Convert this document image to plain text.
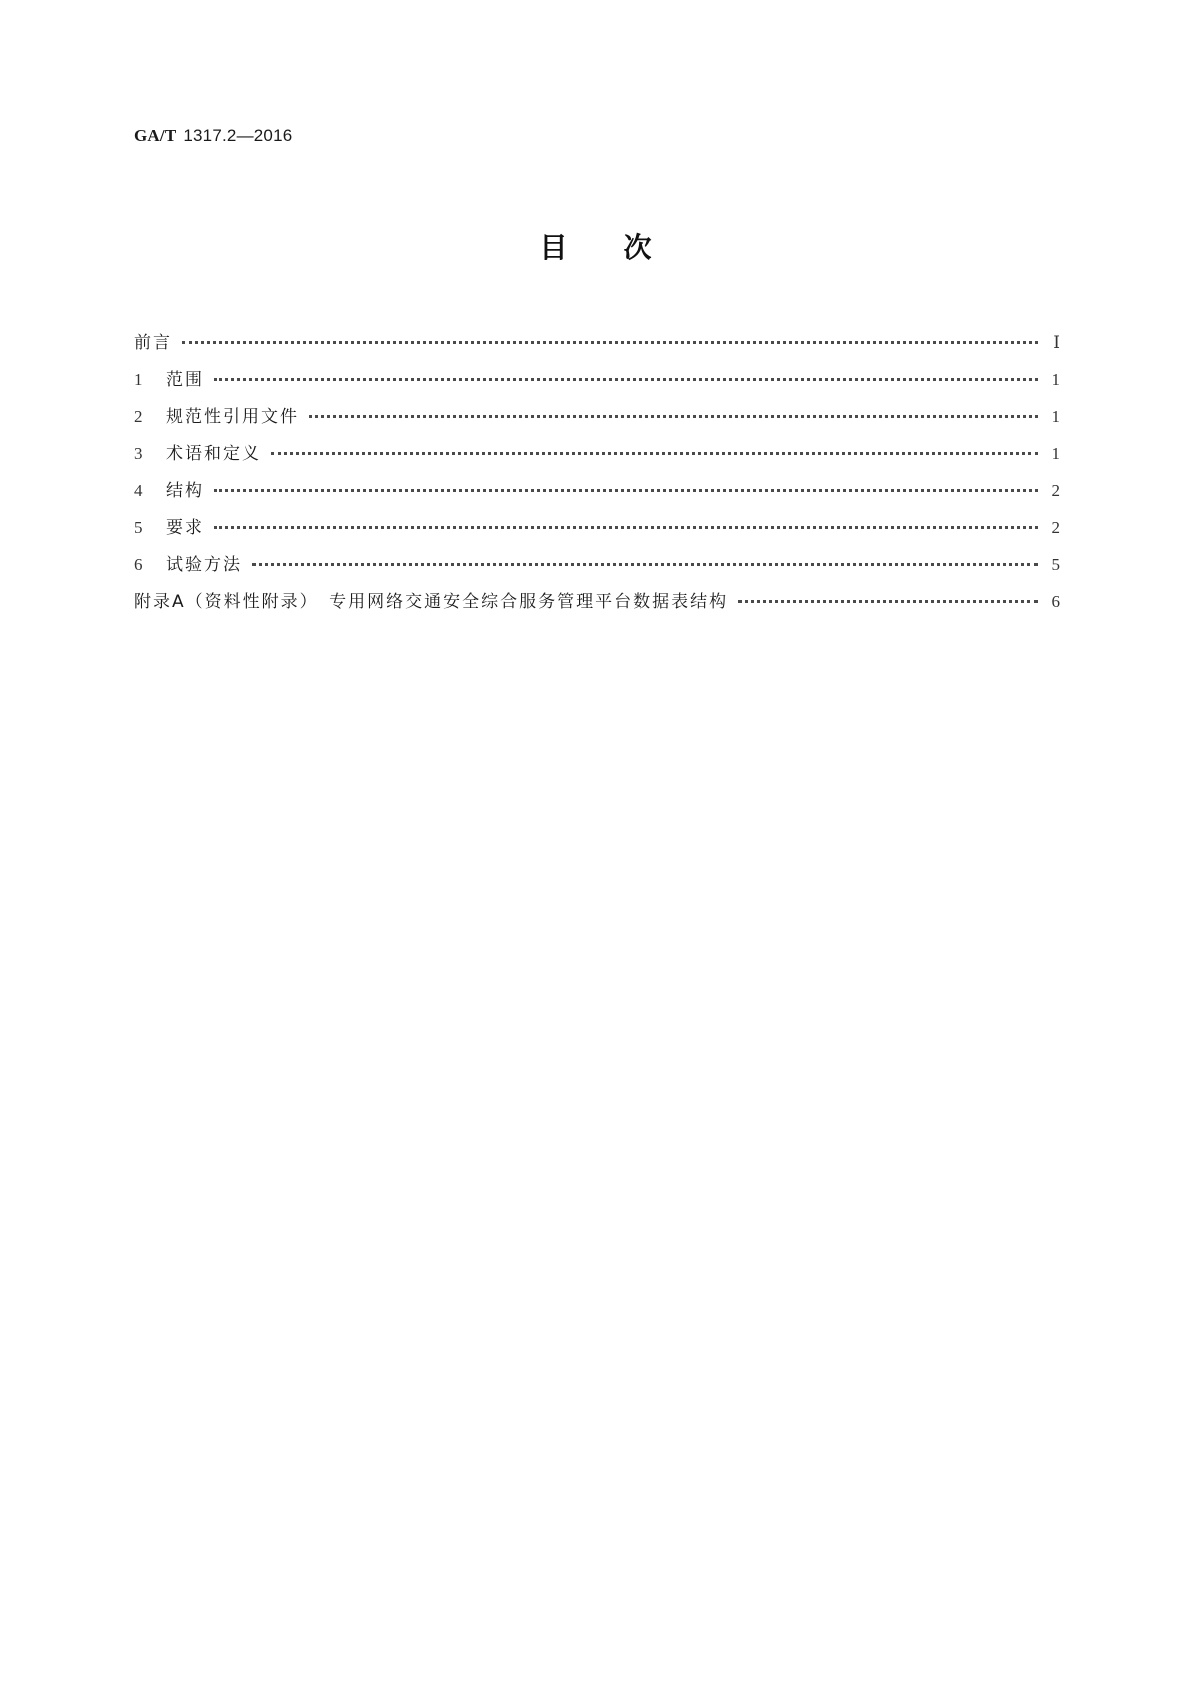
GA/T 1317.2—2016
目次
前言	Ⅰ
1	范围	1
2	规范性引用文件	1
3	术语和定义	1
4	结构	2
5	要求	2
6	试验方法	5
附录A（资料性附录）　专用网络交通安全综合服务管理平台数据表结构	6
